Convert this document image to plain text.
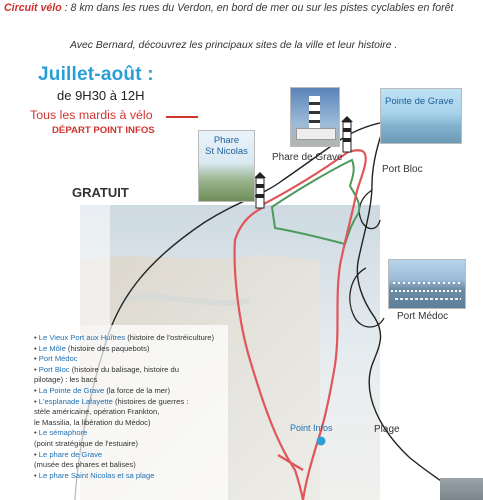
Circuit vélo : 8 km dans les rues du Verdon, en bord de mer ou sur les pistes cyclables en forêt
Avec Bernard, découvrez les principaux sites de la ville et leur histoire .
Juillet-août :
de 9H30 à 12H
Tous les mardis à vélo
DÉPART POINT INFOS
GRATUIT
Pointe de Grave
Phare
St Nicolas
Phare de Grave
Port Bloc
Port Médoc
Point Infos	Plage
• Le Vieux Port aux Huîtres (histoire de l'ostréiculture)
• Le Môle (histoire des paquebots)
• Port Médoc
• Port Bloc (histoire du balisage, histoire du
pilotage) : les bacs
• La Pointe de Grave (la force de la mer)
• L'esplanade Lafayette (histoires de guerres :
stèle américaine, opération Frankton,
le Massilia, la libération du Médoc)
• Le sémaphore
(point stratégique de l'estuaire)
• Le phare de Grave
(musée des phares et balises)
• Le phare Saint Nicolas et sa plage
